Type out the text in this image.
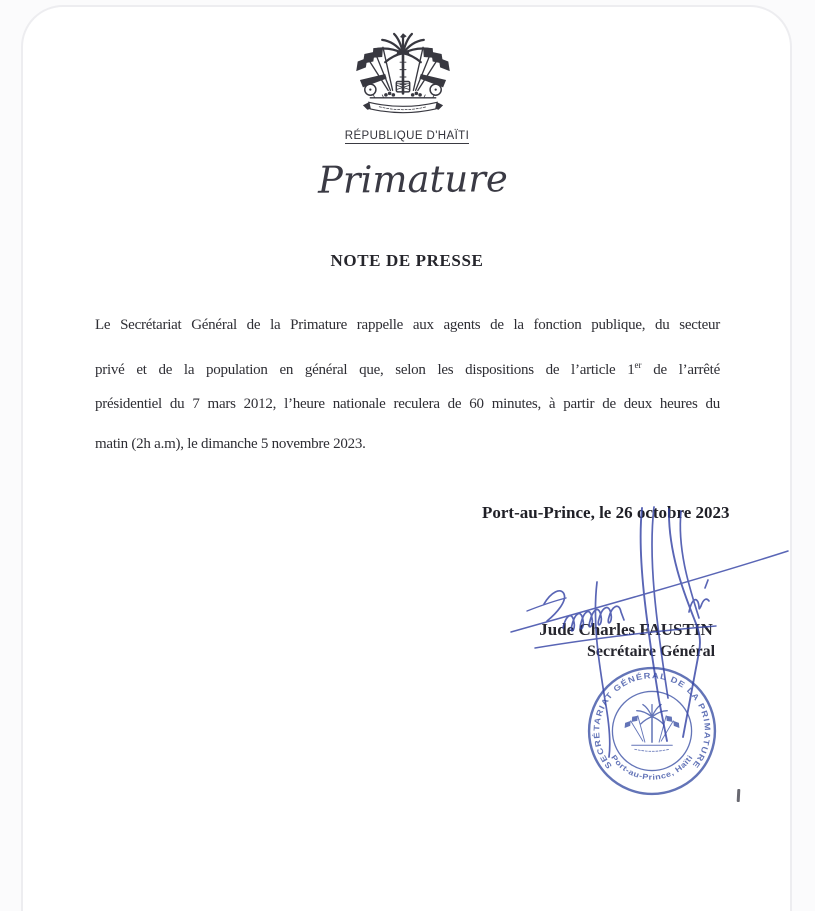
RÉPUBLIQUE D'HAÏTI
Primature
NOTE DE PRESSE
Le Secrétariat Général de la Primature rappelle aux agents de la fonction publique, du secteur
privé et de la population en général que, selon les dispositions de l’article 1er de l’arrêté
présidentiel du 7 mars 2012, l’heure nationale reculera de 60 minutes, à partir de deux heures du
matin (2h a.m), le dimanche 5 novembre 2023.
Port-au-Prince, le 26 octobre 2023
Jude Charles FAUSTIN
Secrétaire Général
SECRÉTARIAT GÉNÉRAL DE LA PRIMATURE
Port-au-Prince, Haïti
